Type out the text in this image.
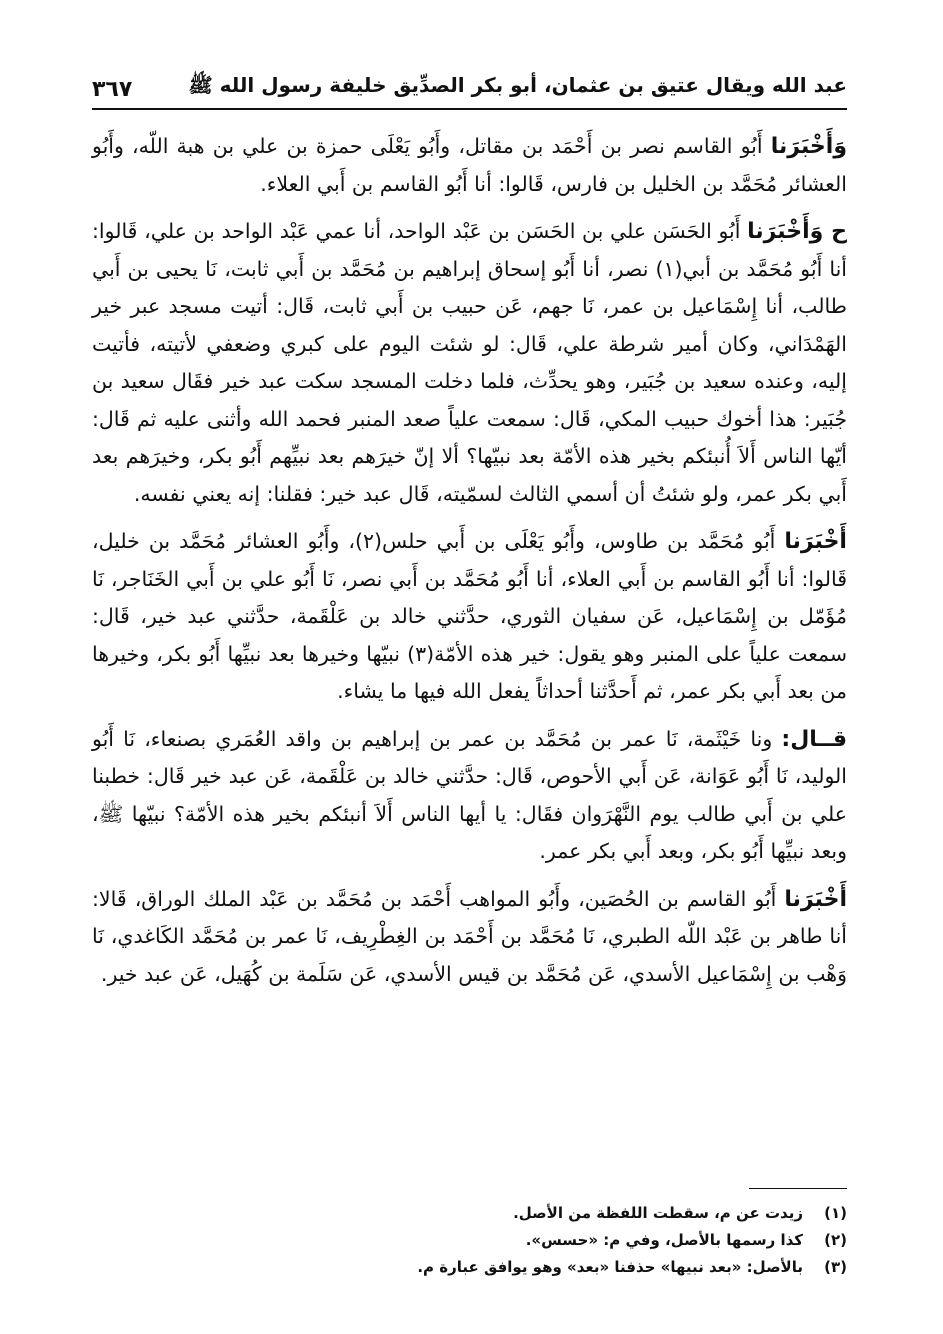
عبد الله ويقال عتيق بن عثمان، أبو بكر الصدِّيق خليفة رسول الله ﷺ
٣٦٧

وَأَخْبَرَنا أَبُو القاسم نصر بن أَحْمَد بن مقاتل، وأَبُو يَعْلَى حمزة بن علي بن هبة اللّه، وأَبُو العشائر مُحَمَّد بن الخليل بن فارس، قَالوا: أنا أَبُو القاسم بن أَبي العلاء.

ح وَأَخْبَرَنا أَبُو الحَسَن علي بن الحَسَن بن عَبْد الواحد، أنا عمي عَبْد الواحد بن علي، قَالوا: أنا أَبُو مُحَمَّد بن أبي(١) نصر، أنا أَبُو إسحاق إبراهيم بن مُحَمَّد بن أَبي ثابت، نَا يحيى بن أَبي طالب، أنا إِسْمَاعيل بن عمر، نَا جهم، عَن حبيب بن أَبي ثابت، قَال: أتيت مسجد عبر خير الهَمْدَاني، وكان أمير شرطة علي، قَال: لو شئت اليوم على كبري وضعفي لأتيته، فأتيت إليه، وعنده سعيد بن جُبَير، وهو يحدِّث، فلما دخلت المسجد سكت عبد خير فقَال سعيد بن جُبَير: هذا أخوك حبيب المكي، قَال: سمعت علياً صعد المنبر فحمد الله وأثنى عليه ثم قَال: أيّها الناس أَلاَ أُنبئكم بخير هذه الأمّة بعد نبيّها؟ ألا إنّ خيرَهم بعد نبيِّهم أَبُو بكر، وخيرَهم بعد أَبي بكر عمر، ولو شئتُ أن أسمي الثالث لسمّيته، قَال عبد خير: فقلنا: إنه يعني نفسه.

أَخْبَرَنا أَبُو مُحَمَّد بن طاوس، وأَبُو يَعْلَى بن أَبي حلس(٢)، وأَبُو العشائر مُحَمَّد بن خليل، قَالوا: أنا أَبُو القاسم بن أَبي العلاء، أنا أَبُو مُحَمَّد بن أَبي نصر، نَا أَبُو علي بن أَبي الخَنَاجر، نَا مُؤَمّل بن إِسْمَاعيل، عَن سفيان الثوري، حدَّثني خالد بن عَلْقَمة، حدَّثني عبد خير، قَال: سمعت علياً على المنبر وهو يقول: خير هذه الأمّة(٣) نبيّها وخيرها بعد نبيِّها أَبُو بكر، وخيرها من بعد أَبي بكر عمر، ثم أَحدَّثنا أحداثاً يفعل الله فيها ما يشاء.

قــال: ونا خَيْثَمة، نَا عمر بن مُحَمَّد بن عمر بن إبراهيم بن واقد العُمَري بصنعاء، نَا أَبُو الوليد، نَا أَبُو عَوَانة، عَن أَبي الأحوص، قَال: حدَّثني خالد بن عَلْقَمة، عَن عبد خير قَال: خطبنا علي بن أَبي طالب يوم النَّهْرَوان فقَال: يا أيها الناس أَلاَ أنبئكم بخير هذه الأمّة؟ نبيّها ﷺ، وبعد نبيِّها أَبُو بكر، وبعد أَبي بكر عمر.

أَخْبَرَنا أَبُو القاسم بن الحُصَين، وأَبُو المواهب أَحْمَد بن مُحَمَّد بن عَبْد الملك الوراق، قَالا: أنا طاهر بن عَبْد اللّه الطبري، نَا مُحَمَّد بن أَحْمَد بن الغِطْرِيف، نَا عمر بن مُحَمَّد الكَاغدي، نَا وَهْب بن إِسْمَاعيل الأسدي، عَن مُحَمَّد بن قيس الأسدي، عَن سَلَمة بن كُهَيل، عَن عبد خير.

(١)
زيدت عن م، سقطت اللفظة من الأصل.
(٢)
كذا رسمها بالأصل، وفي م: «حسس».
(٣)
بالأصل: «بعد نبيها» حذفنا «بعد» وهو يوافق عبارة م.
